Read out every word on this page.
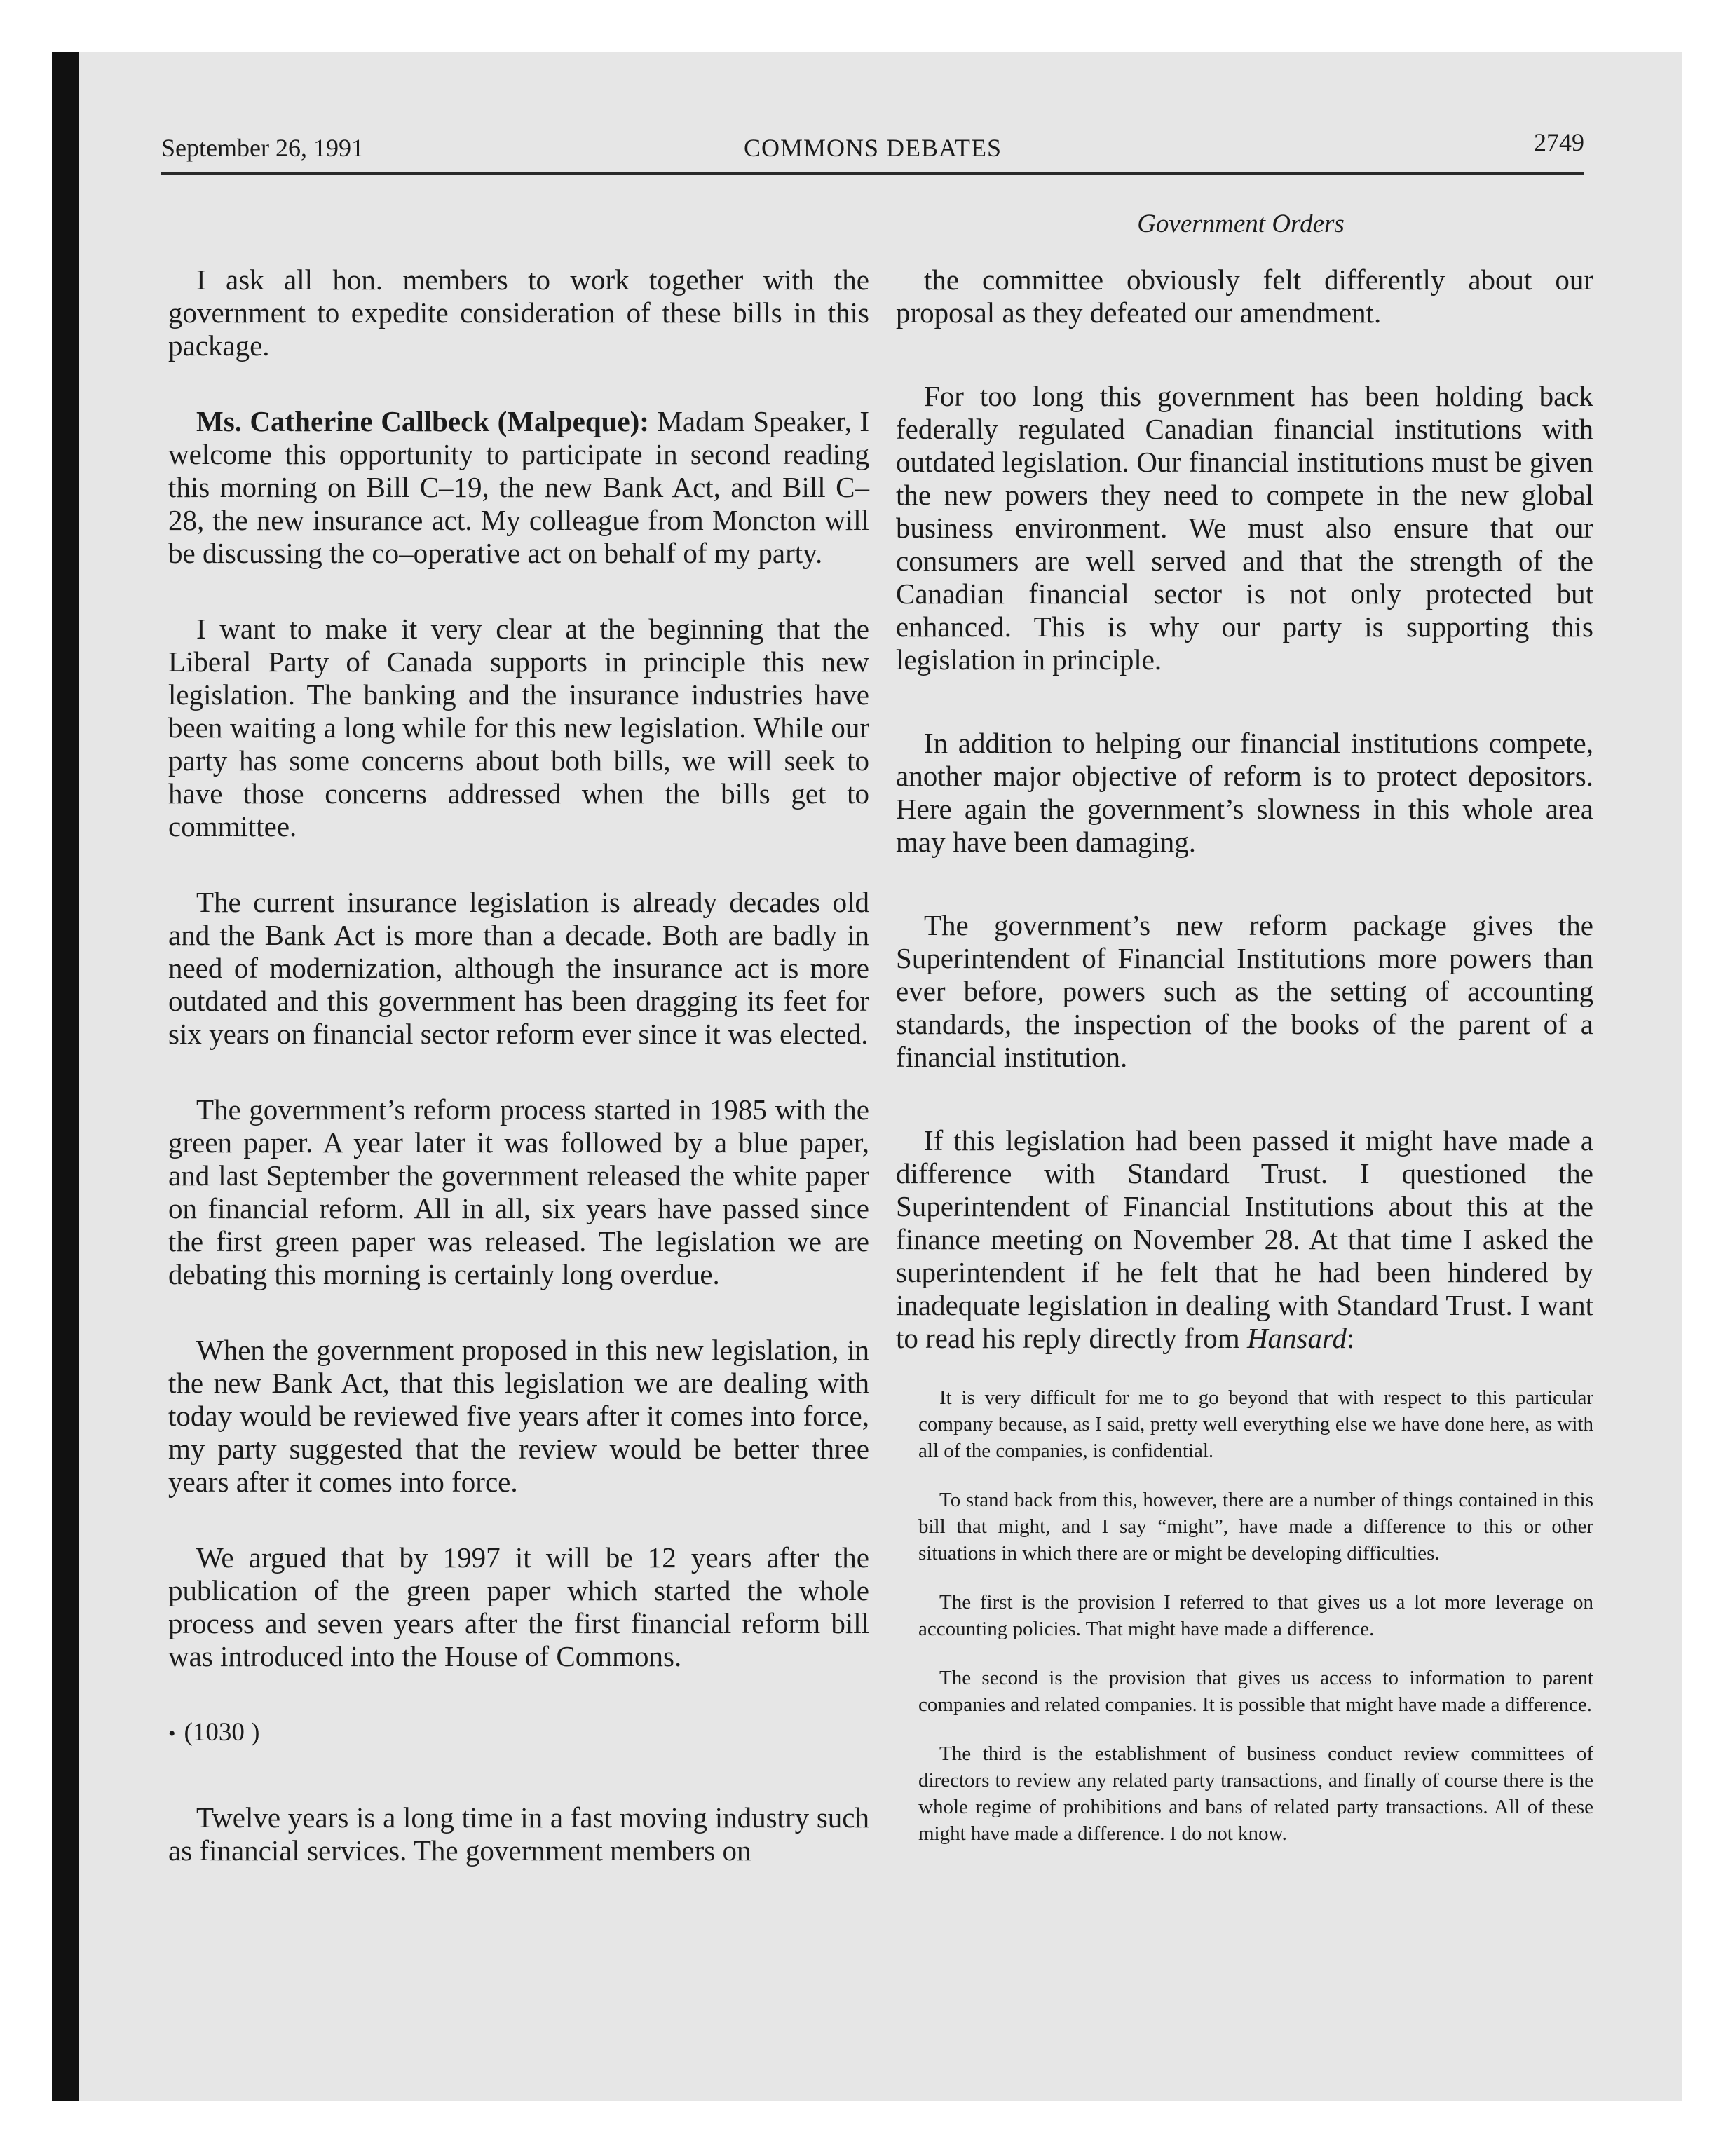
September 26, 1991	COMMONS DEBATES	2749
Government Orders

I ask all hon. members to work together with the government to expedite consideration of these bills in this package.

Ms. Catherine Callbeck (Malpeque): Madam Speaker, I welcome this opportunity to participate in second reading this morning on Bill C–19, the new Bank Act, and Bill C–28, the new insurance act. My colleague from Moncton will be discussing the co–operative act on behalf of my party.

I want to make it very clear at the beginning that the Liberal Party of Canada supports in principle this new legislation. The banking and the insurance industries have been waiting a long while for this new legislation. While our party has some concerns about both bills, we will seek to have those concerns addressed when the bills get to committee.

The current insurance legislation is already decades old and the Bank Act is more than a decade. Both are badly in need of modernization, although the insurance act is more outdated and this government has been dragging its feet for six years on financial sector reform ever since it was elected.

The government’s reform process started in 1985 with the green paper. A year later it was followed by a blue paper, and last September the government released the white paper on financial reform. All in all, six years have passed since the first green paper was released. The legislation we are debating this morning is certainly long overdue.

When the government proposed in this new legislation, in the new Bank Act, that this legislation we are dealing with today would be reviewed five years after it comes into force, my party suggested that the review would be better three years after it comes into force.

We argued that by 1997 it will be 12 years after the publication of the green paper which started the whole process and seven years after the first financial reform bill was introduced into the House of Commons.

• (1030 )

Twelve years is a long time in a fast moving industry such as financial services. The government members on

the committee obviously felt differently about our proposal as they defeated our amendment.

For too long this government has been holding back federally regulated Canadian financial institutions with outdated legislation. Our financial institutions must be given the new powers they need to compete in the new global business environment. We must also ensure that our consumers are well served and that the strength of the Canadian financial sector is not only protected but enhanced. This is why our party is supporting this legislation in principle.

In addition to helping our financial institutions compete, another major objective of reform is to protect depositors. Here again the government’s slowness in this whole area may have been damaging.

The government’s new reform package gives the Superintendent of Financial Institutions more powers than ever before, powers such as the setting of accounting standards, the inspection of the books of the parent of a financial institution.

If this legislation had been passed it might have made a difference with Standard Trust. I questioned the Superintendent of Financial Institutions about this at the finance meeting on November 28. At that time I asked the superintendent if he felt that he had been hindered by inadequate legislation in dealing with Standard Trust. I want to read his reply directly from Hansard:

It is very difficult for me to go beyond that with respect to this particular company because, as I said, pretty well everything else we have done here, as with all of the companies, is confidential.
To stand back from this, however, there are a number of things contained in this bill that might, and I say “might”, have made a difference to this or other situations in which there are or might be developing difficulties.
The first is the provision I referred to that gives us a lot more leverage on accounting policies. That might have made a difference.
The second is the provision that gives us access to information to parent companies and related companies. It is possible that might have made a difference.
The third is the establishment of business conduct review committees of directors to review any related party transactions, and finally of course there is the whole regime of prohibitions and bans of related party transactions. All of these might have made a difference. I do not know.
